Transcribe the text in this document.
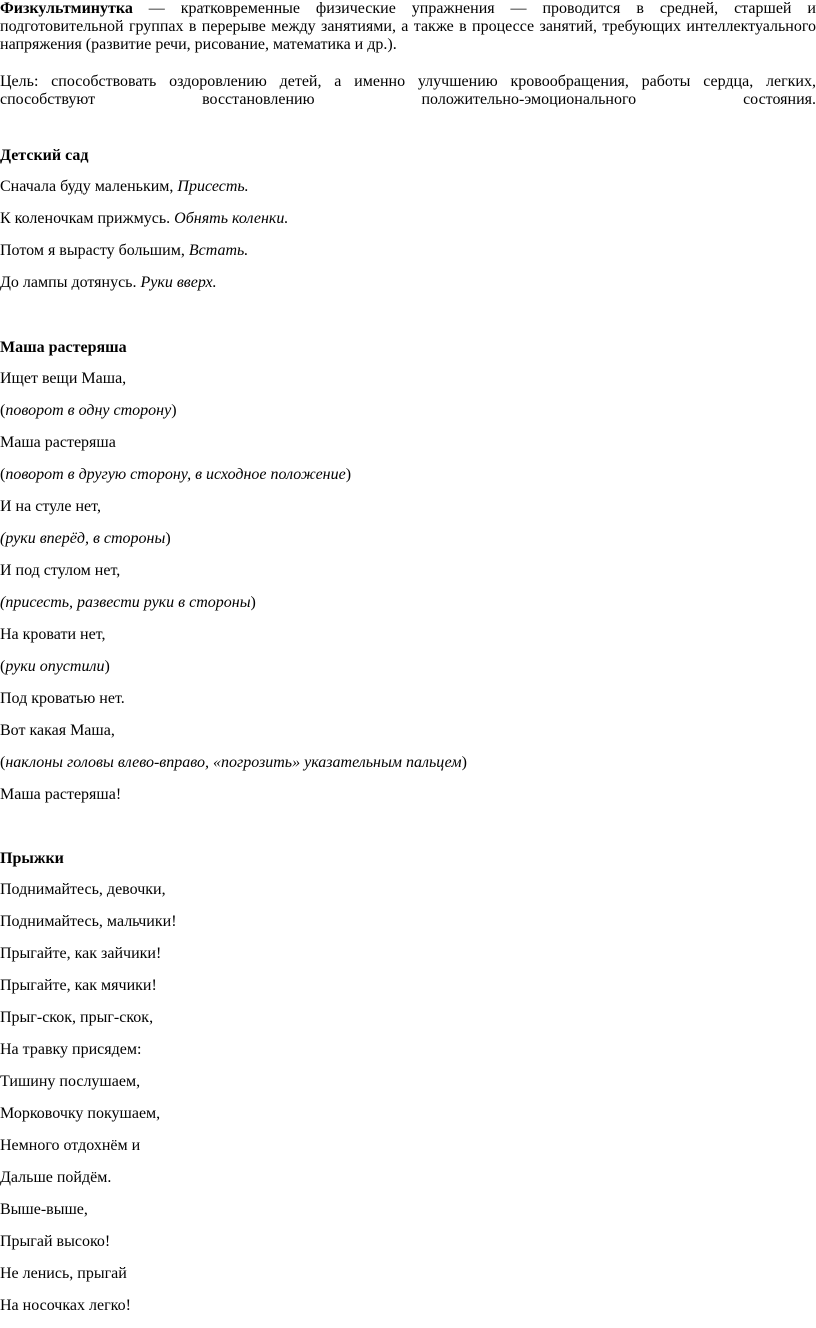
Физкультминутка — кратковременные физические упражнения — проводится в средней, старшей и подготовительной группах в перерыве между занятиями, а также в процессе занятий, требующих интеллектуального напряжения (развитие речи, рисование, математика и др.).

Цель: способствовать оздоровлению детей, а именно улучшению кровообращения, работы сердца, легких,

способствуют восстановлению положительно-эмоционального состояния.

Детский сад
Сначала буду маленьким, Присесть.
К коленочкам прижмусь. Обнять коленки.
Потом я вырасту большим, Встать.
До лампы дотянусь. Руки вверх.
Маша растеряша
Ищет вещи Маша,
(поворот в одну сторону)
Маша растеряша
(поворот в другую сторону, в исходное положение)
И на стуле нет,
(руки вперёд, в стороны)
И под стулом нет,
(присесть, развести руки в стороны)
На кровати нет,
(руки опустили)
Под кроватью нет.
Вот какая Маша,
(наклоны головы влево-вправо, «погрозить» указательным пальцем)
Маша растеряша!
Прыжки
Поднимайтесь, девочки,
Поднимайтесь, мальчики!
Прыгайте, как зайчики!
Прыгайте, как мячики!
Прыг-скок, прыг-скок,
На травку присядем:
Тишину послушаем,
Морковочку покушаем,
Немного отдохнём и
Дальше пойдём.
Выше-выше,
Прыгай высоко!
Не ленись, прыгай
На носочках легко!
